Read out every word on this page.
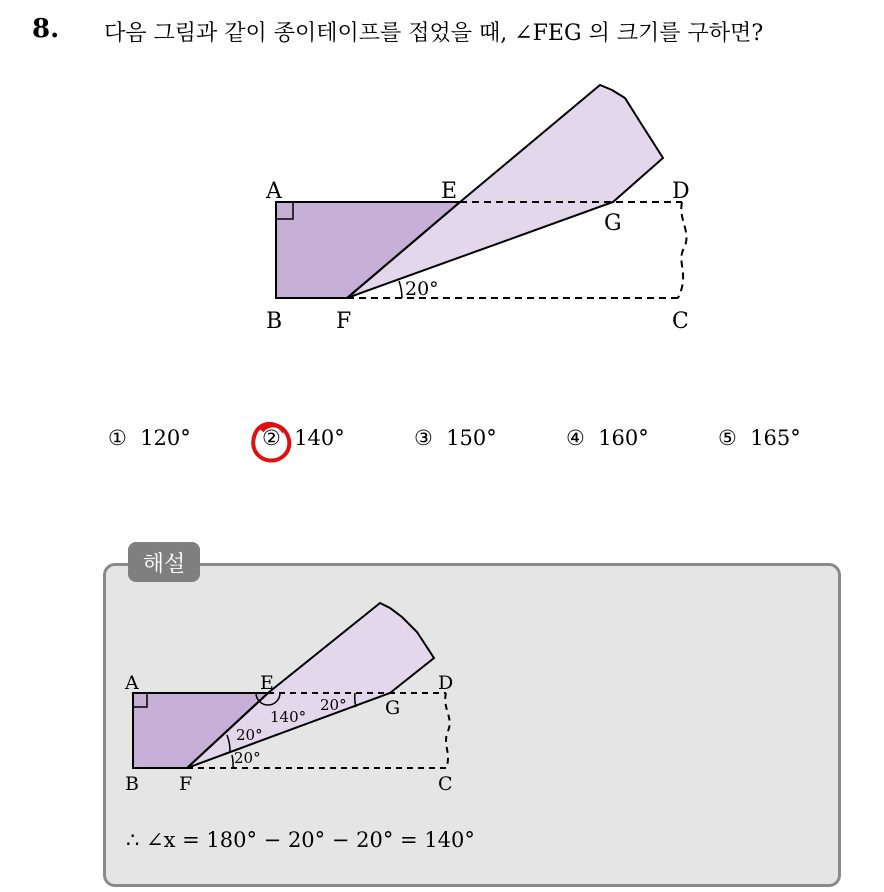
8. 다음 그림과 같이 종이테이프를 접었을 때, ∠FEG 의 크기를 구하면?
20°
A	E	D
G
B F	C
① 120°	② 140°	③ 150°	④ 160°	⑤ 165°
해설
140°
20°
20°
20°
A	E	D
G
B F	C
∴ ∠x = 180° − 20° − 20° = 140°
